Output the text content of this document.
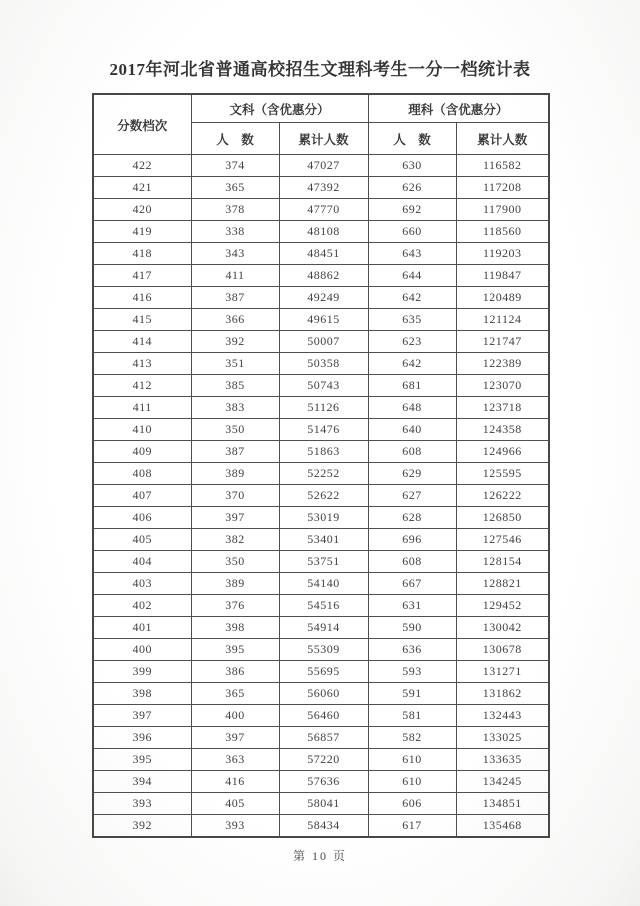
2017年河北省普通高校招生文理科考生一分一档统计表
分数档次	文科（含优惠分）		理科（含优惠分）	
	人　数	累计人数	人　数	累计人数
422	374	47027	630	116582
421	365	47392	626	117208
420	378	47770	692	117900
419	338	48108	660	118560
418	343	48451	643	119203
417	411	48862	644	119847
416	387	49249	642	120489
415	366	49615	635	121124
414	392	50007	623	121747
413	351	50358	642	122389
412	385	50743	681	123070
411	383	51126	648	123718
410	350	51476	640	124358
409	387	51863	608	124966
408	389	52252	629	125595
407	370	52622	627	126222
406	397	53019	628	126850
405	382	53401	696	127546
404	350	53751	608	128154
403	389	54140	667	128821
402	376	54516	631	129452
401	398	54914	590	130042
400	395	55309	636	130678
399	386	55695	593	131271
398	365	56060	591	131862
397	400	56460	581	132443
396	397	56857	582	133025
395	363	57220	610	133635
394	416	57636	610	134245
393	405	58041	606	134851
392	393	58434	617	135468
第 10 页
